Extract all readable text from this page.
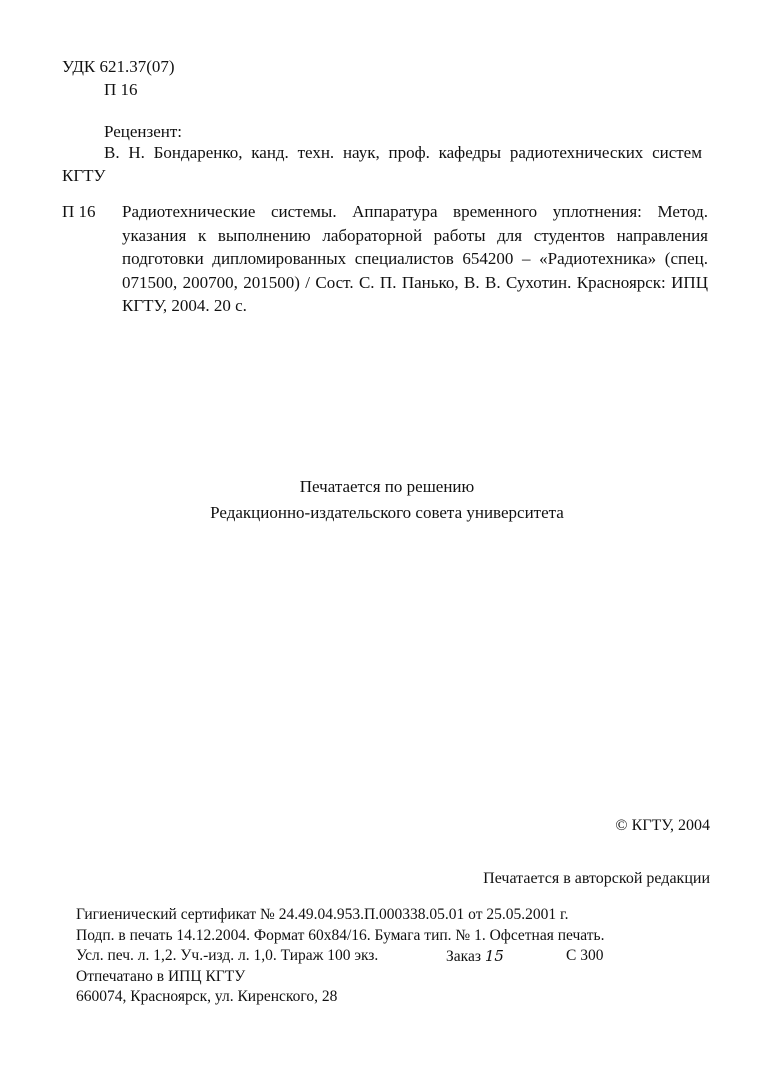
УДК 621.37(07)
П 16
Рецензент:
В. Н. Бондаренко, канд. техн. наук, проф. кафедры радиотехнических систем КГТУ
П 16 Радиотехнические системы. Аппаратура временного уплотнения: Метод. указания к выполнению лабораторной работы для студентов направления подготовки дипломированных специалистов 654200 – «Радиотехника» (спец. 071500, 200700, 201500) / Сост. С. П. Панько, В. В. Сухотин. Красноярск: ИПЦ КГТУ, 2004. 20 с.
Печатается по решению
Редакционно-издательского совета университета
© КГТУ, 2004
Печатается в авторской редакции
Гигиенический сертификат № 24.49.04.953.П.000338.05.01 от 25.05.2001 г.
Подп. в печать 14.12.2004. Формат 60х84/16. Бумага тип. № 1. Офсетная печать.
Усл. печ. л. 1,2. Уч.-изд. л. 1,0. Тираж 100 экз.	Заказ 15	С 300
Отпечатано в ИПЦ КГТУ
660074, Красноярск, ул. Киренского, 28
